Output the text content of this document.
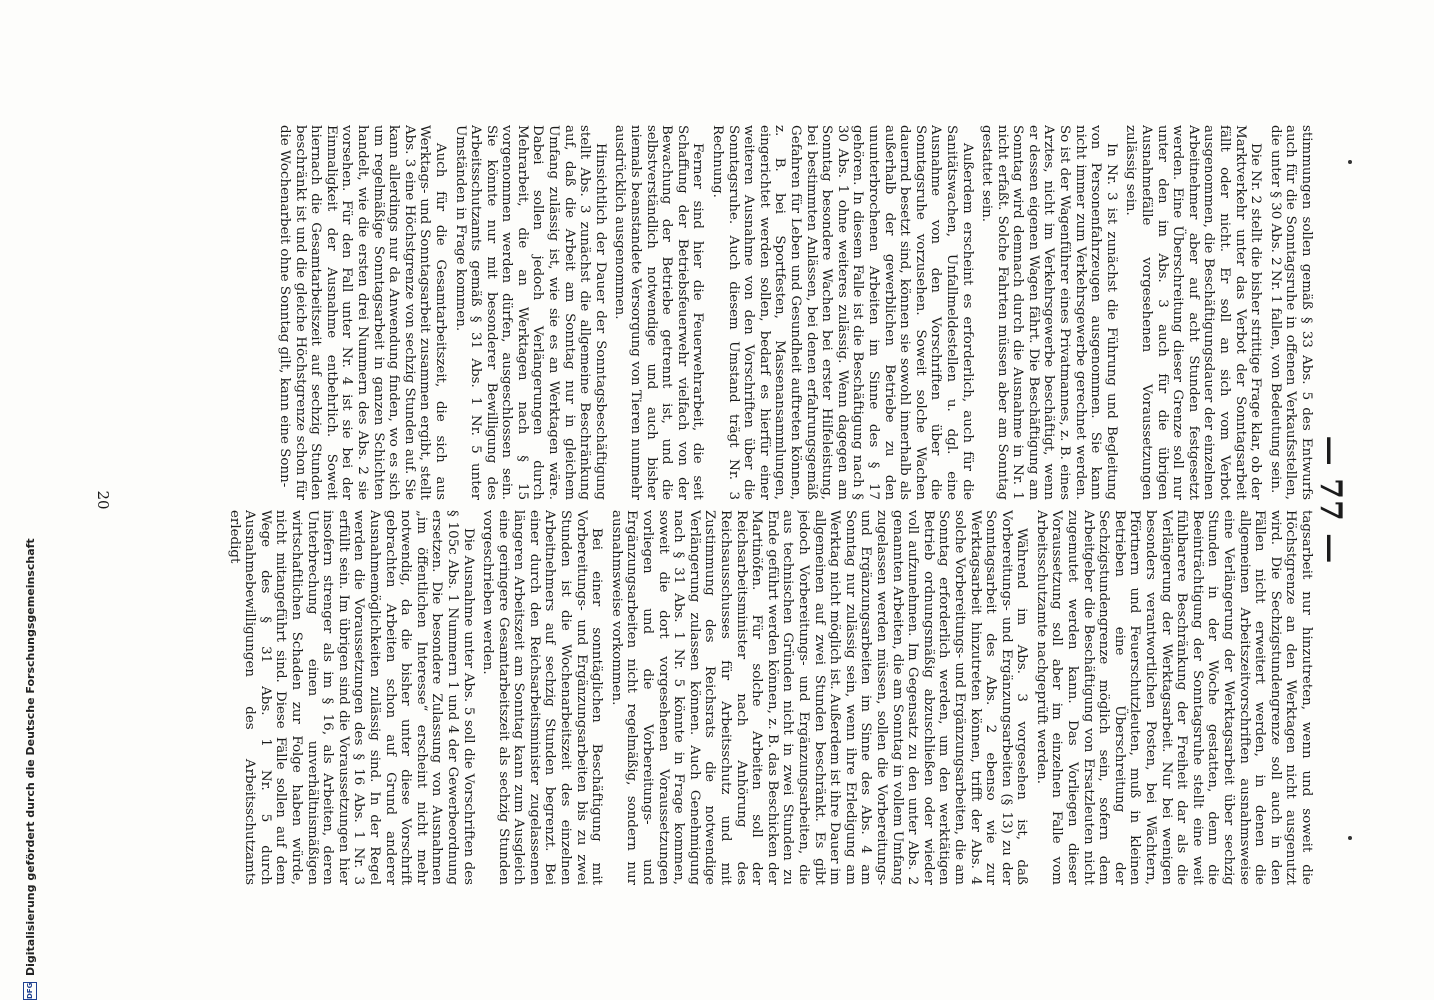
— 77 —

stimmungen sollen gemäß § 33 Abs. 5 des Entwurfs auch für die Sonntagsruhe in offenen Verkaufsstellen, die unter § 30 Abs. 2 Nr. 1 fallen, von Bedeutung sein.

Die Nr. 2 stellt die bisher strittige Frage klar, ob der Marktverkehr unter das Verbot der Sonntagsarbeit fällt oder nicht. Er soll an sich vom Verbot ausgenommen, die Beschäftigungsdauer der einzelnen Arbeitnehmer aber auf acht Stunden festgesetzt werden. Eine Überschreitung dieser Grenze soll nur unter den im Abs. 3 auch für die übrigen Ausnahmefälle vorgesehenen Voraussetzungen zulässig sein.

In Nr. 3 ist zunächst die Führung und Begleitung von Personenfahrzeugen ausgenommen. Sie kann nicht immer zum Verkehrsgewerbe gerechnet werden. So ist der Wagenführer eines Privatmannes, z. B. eines Arztes, nicht im Verkehrsgewerbe beschäftigt, wenn er dessen eigenen Wagen fährt. Die Beschäftigung am Sonntag wird demnach durch die Ausnahme in Nr. 1 nicht erfaßt. Solche Fahrten müssen aber am Sonntag gestattet sein.

Außerdem erscheint es erforderlich, auch für die Sanitätswachen, Unfallmeldestellen u. dgl. eine Ausnahme von den Vorschriften über die Sonntagsruhe vorzusehen. Soweit solche Wachen dauernd besetzt sind, können sie sowohl innerhalb als außerhalb der gewerblichen Betriebe zu den ununterbrochenen Arbeiten im Sinne des § 17 gehören. In diesem Falle ist die Beschäftigung nach § 30 Abs. 1 ohne weiteres zulässig. Wenn dagegen am Sonntag besondere Wachen bei erster Hilfeleistung, bei bestimmten Anlässen, bei denen erfahrungsgemäß Gefahren für Leben und Gesundheit auftreten können, z. B. bei Sportfesten, Massenansammlungen, eingerichtet werden sollen, bedarf es hierfür einer weiteren Ausnahme von den Vorschriften über die Sonntagsruhe. Auch diesem Umstand trägt Nr. 3 Rechnung.

Ferner sind hier die Feuerwehrarbeit, die seit Schaffung der Betriebsfeuerwehr vielfach von der Bewachung der Betriebe getrennt ist, und die selbstverständlich notwendige und auch bisher niemals beanstandete Versorgung von Tieren nunmehr ausdrücklich ausgenommen.

Hinsichtlich der Dauer der Sonntagsbeschäftigung stellt Abs. 3 zunächst die allgemeine Beschränkung auf, daß die Arbeit am Sonntag nur in gleichem Umfang zulässig ist, wie sie es an Werktagen wäre. Dabei sollen jedoch Verlängerungen durch Mehrarbeit, die an Werktagen nach § 15 vorgenommen werden dürfen, ausgeschlossen sein. Sie könnte nur mit besonderer Bewilligung des Arbeitsschutzamts gemäß § 31 Abs. 1 Nr. 5 unter Umständen in Frage kommen.

Auch für die Gesamtarbeitszeit, die sich aus Werktags- und Sonntagsarbeit zusammen ergibt, stellt Abs. 3 eine Höchstgrenze von sechzig Stunden auf. Sie kann allerdings nur da Anwendung finden, wo es sich um regelmäßige Sonntagsarbeit in ganzen Schichten handelt, wie die ersten drei Nummern des Abs. 2 sie vorsehen. Für den Fall unter Nr. 4 ist sie bei der Einmaligkeit der Ausnahme entbehrlich. Soweit hiernach die Gesamtarbeitszeit auf sechzig Stunden beschränkt ist und die gleiche Höchstgrenze schon für die Wochenarbeit ohne Sonntag gilt, kann eine Sonn-

tagsarbeit nur hinzutreten, wenn und soweit die Höchstgrenze an den Werktagen nicht ausgenutzt wird. Die Sechzigstundengrenze soll auch in den Fällen nicht erweitert werden, in denen die allgemeinen Arbeitszeitvorschriften ausnahmsweise eine Verlängerung der Werktagsarbeit über sechzig Stunden in der Woche gestatten, denn die Beeinträchtigung der Sonntagsruhe stellt eine weit fühlbarere Beschränkung der Freiheit dar als die Verlängerung der Werktagsarbeit. Nur bei wenigen besonders verantwortlichen Posten, bei Wächtern, Pförtnern und Feuerschutzleuten, muß in kleinen Betrieben eine Überschreitung der Sechzigstundengrenze möglich sein, sofern dem Arbeitgeber die Beschäftigung von Ersatzleuten nicht zugemutet werden kann. Das Vorliegen dieser Voraussetzung soll aber im einzelnen Falle vom Arbeitsschutzamte nachgeprüft werden.

Während im Abs. 3 vorgesehen ist, daß Vorbereitungs- und Ergänzungsarbeiten (§ 13) zu der Sonntagsarbeit des Abs. 2 ebenso wie zur Werktagsarbeit hinzutreten können, trifft der Abs. 4 solche Vorbereitungs- und Ergänzungsarbeiten, die am Sonntag erforderlich werden, um den werktätigen Betrieb ordnungsmäßig abzuschließen oder wieder voll aufzunehmen. Im Gegensatz zu den unter Abs. 2 genannten Arbeiten, die am Sonntag in vollem Umfang zugelassen werden müssen, sollen die Vorbereitungs- und Ergänzungsarbeiten im Sinne des Abs. 4 am Sonntag nur zulässig sein, wenn ihre Erledigung am Werktag nicht möglich ist. Außerdem ist ihre Dauer im allgemeinen auf zwei Stunden beschränkt. Es gibt jedoch Vorbereitungs- und Ergänzungsarbeiten, die aus technischen Gründen nicht in zwei Stunden zu Ende geführt werden können, z. B. das Beschicken der Martinöfen. Für solche Arbeiten soll der Reichsarbeitsminister nach Anhörung des Reichsausschusses für Arbeitsschutz und mit Zustimmung des Reichsrats die notwendige Verlängerung zulassen können. Auch Genehmigung nach § 31 Abs. 1 Nr. 5 könnte in Frage kommen, soweit die dort vorgesehenen Voraussetzungen vorliegen und die Vorbereitungs- und Ergänzungsarbeiten nicht regelmäßig, sondern nur ausnahmsweise vorkommen.

Bei einer sonntäglichen Beschäftigung mit Vorbereitungs- und Ergänzungsarbeiten bis zu zwei Stunden ist die Wochenarbeitszeit des einzelnen Arbeitnehmers auf sechzig Stunden begrenzt. Bei einer durch den Reichsarbeitsminister zugelassenen längeren Arbeitszeit am Sonntag kann zum Ausgleich eine geringere Gesamtarbeitszeit als sechzig Stunden vorgeschrieben werden.

Die Ausnahme unter Abs. 5 soll die Vorschriften des § 105c Abs. 1 Nummern 1 und 4 der Gewerbeordnung ersetzen. Die besondere Zulassung von Ausnahmen „im öffentlichen Interesse“ erscheint nicht mehr notwendig, da die bisher unter diese Vorschrift gebrachten Arbeiten schon auf Grund anderer Ausnahmemöglichkeiten zulässig sind. In der Regel werden die Voraussetzungen des § 16 Abs. 1 Nr. 3 erfüllt sein. Im übrigen sind die Voraussetzungen hier insofern strenger als im § 16, als Arbeiten, deren Unterbrechung einen unverhältnismäßigen wirtschaftlichen Schaden zur Folge haben würde, nicht mitangeführt sind. Diese Fälle sollen auf dem Wege des § 31 Abs. 1 Nr. 5 durch Ausnahmebewilligungen des Arbeitsschutzamts erledigt

20
DFG
Digitalisierung gefördert durch die Deutsche Forschungsgemeinschaft
